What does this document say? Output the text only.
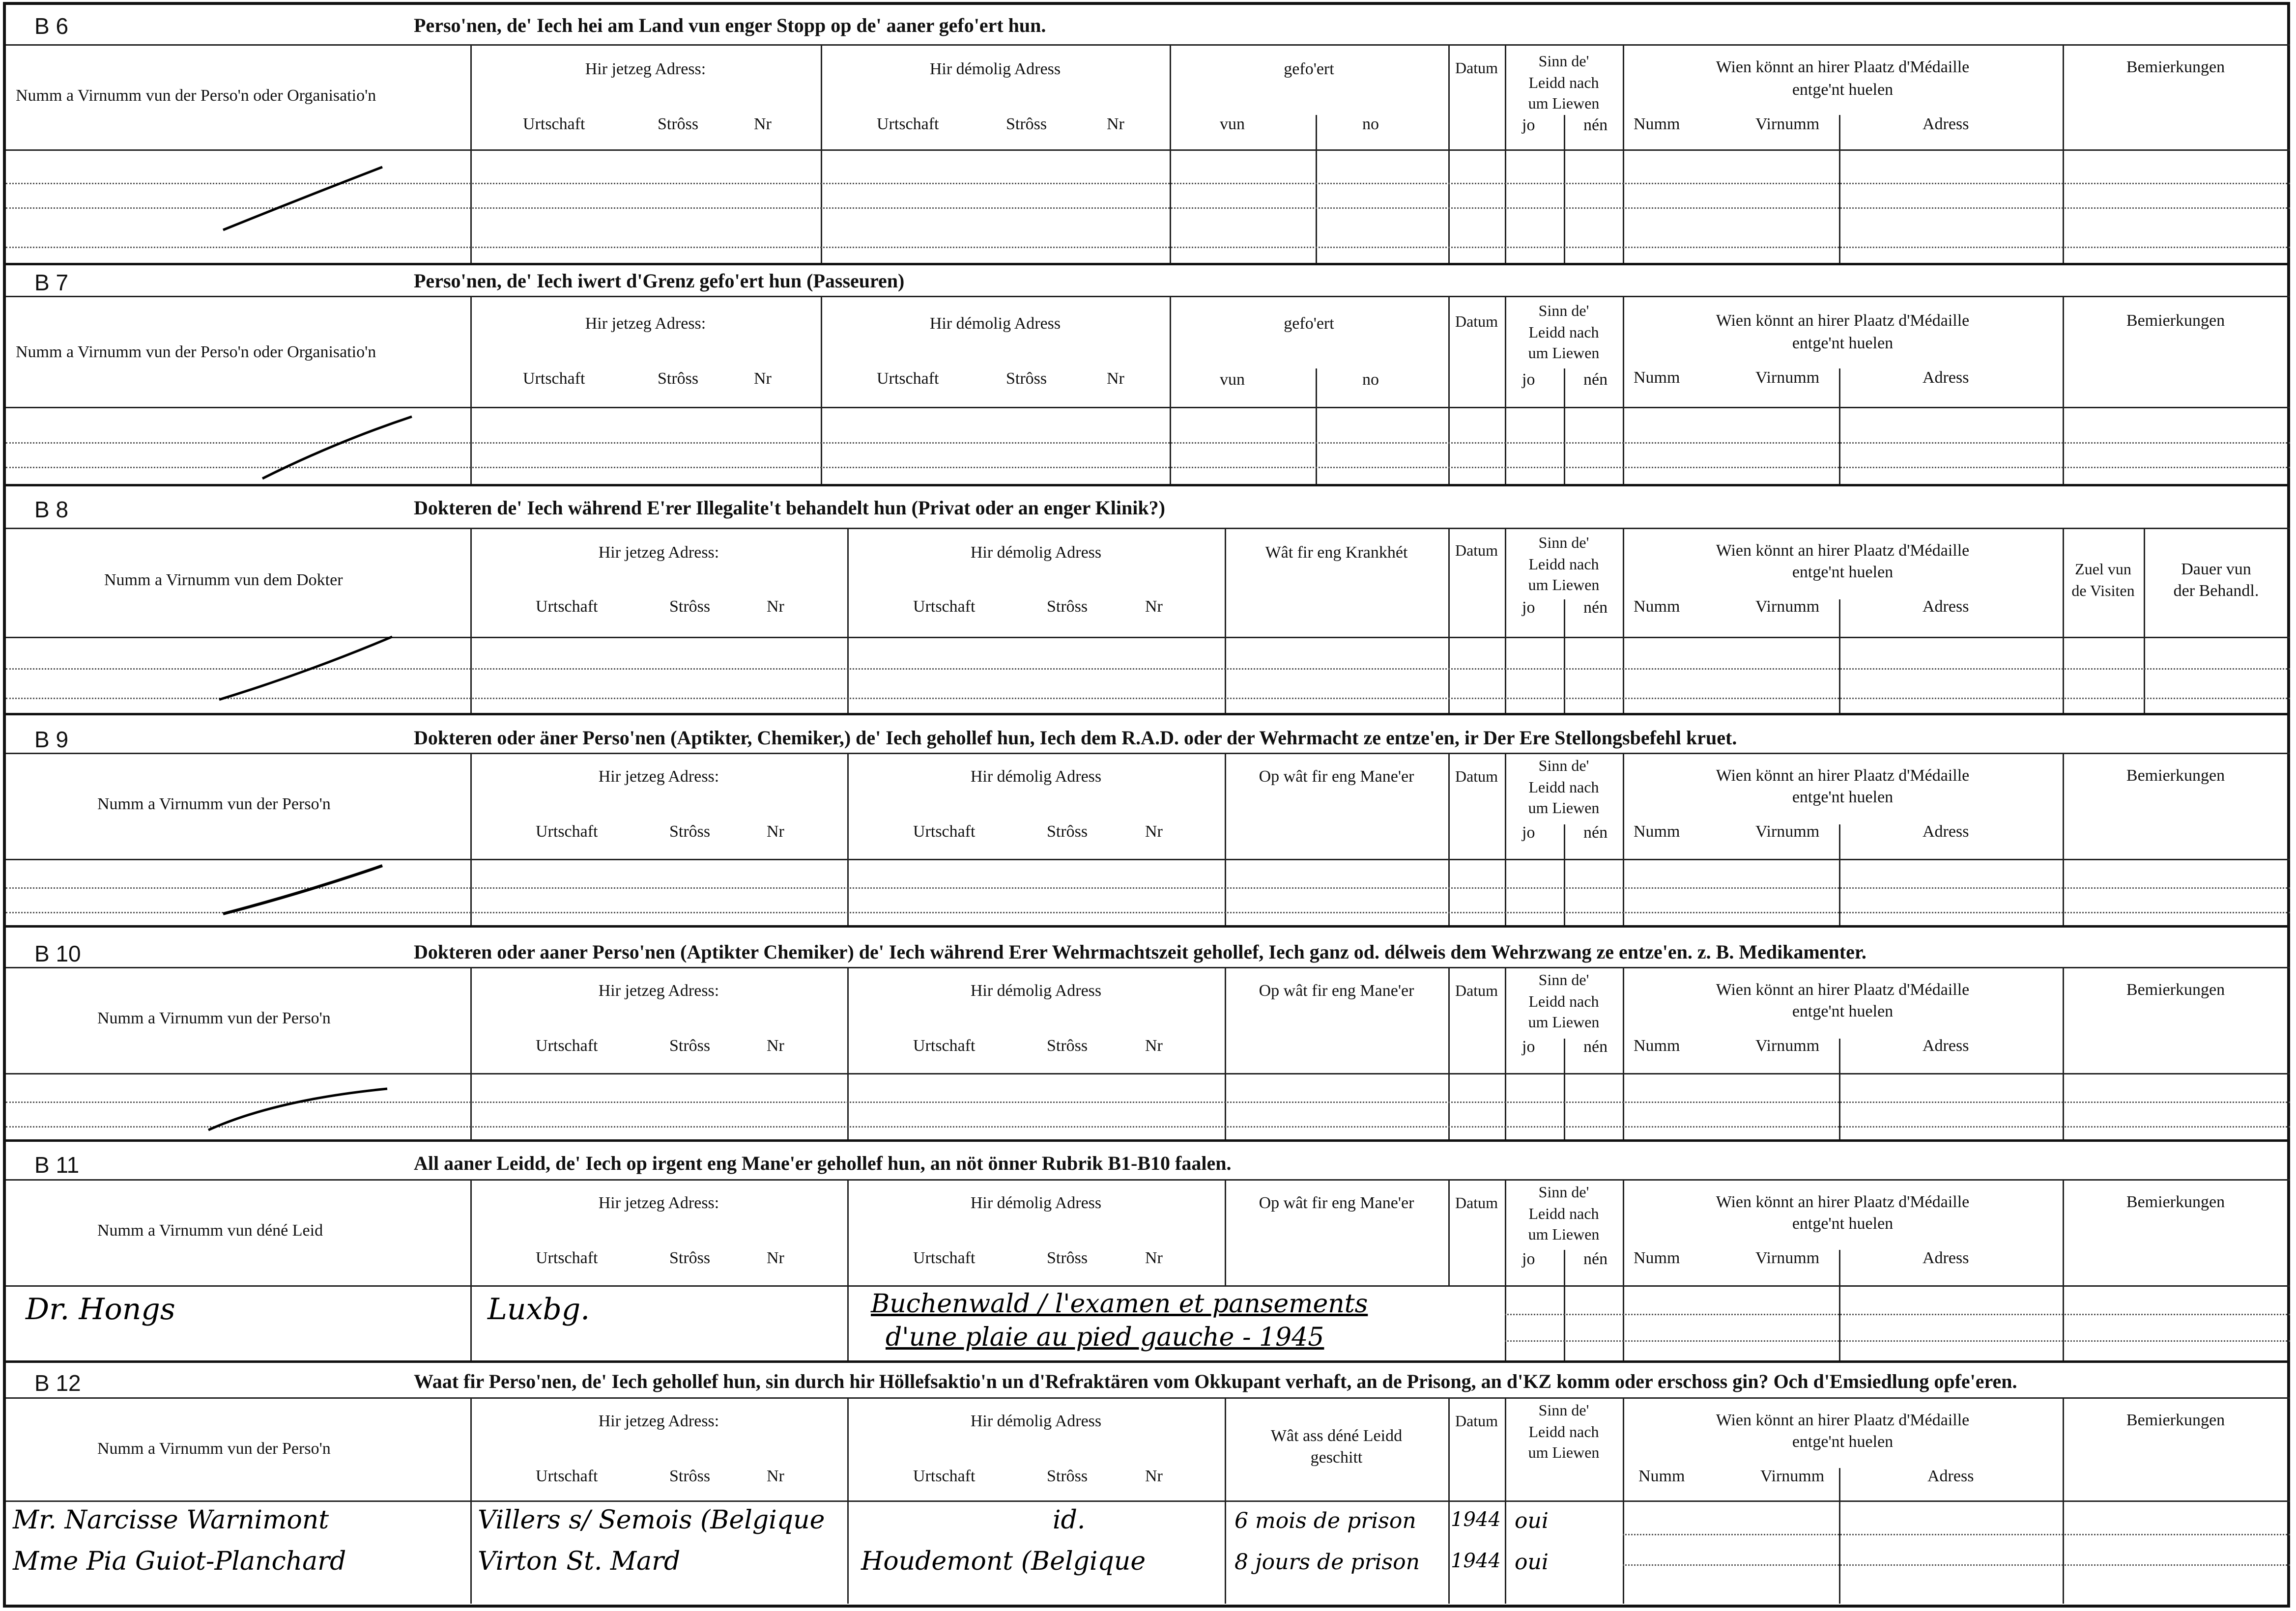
B 6	Perso'nen, de' Iech hei am Land vun enger Stopp op de' aaner gefo'ert hun.
Numm a Virnumm vun der Perso'n oder Organisatio'n
Hir jetzeg Adress:
Urtschaft	Strôss	Nr
Hir démolig Adress
Urtschaft	Strôss	Nr
gefo'ert
vun	no
Datum	Sinn de'
Leidd nach
um Liewen
jo	nén
Wien könnt an hirer Plaatz d'Médaille
entge'nt huelen
Numm	Virnumm	Adress
Bemierkungen
B 7	Perso'nen, de' Iech iwert d'Grenz gefo'ert hun (Passeuren)
Numm a Virnumm vun der Perso'n oder Organisatio'n
Hir jetzeg Adress:
Urtschaft	Strôss	Nr
Hir démolig Adress
Urtschaft	Strôss	Nr
gefo'ert
vun	no
Datum
Sinn de'
Leidd nach
um Liewen
jo	nén
Wien könnt an hirer Plaatz d'Médaille
entge'nt huelen
Numm	Virnumm	Adress
Bemierkungen
B 8	Dokteren de' Iech während E'rer Illegalite't behandelt hun (Privat oder an enger Klinik?)
Numm a Virnumm vun dem Dokter
Hir jetzeg Adress:
Urtschaft	Strôss	Nr
Hir démolig Adress
Urtschaft	Strôss	Nr
Wât fir eng Krankhét	Datum	Sinn de'
Leidd nach
um Liewen
jo	nén
Wien könnt an hirer Plaatz d'Médaille
entge'nt huelen
Numm	Virnumm	Adress
Zuel vun
de Visiten
Dauer vun
der Behandl.
B 9	Dokteren oder äner Perso'nen (Aptikter, Chemiker,) de' Iech gehollef hun, Iech dem R.A.D. oder der Wehrmacht ze entze'en, ir Der Ere Stellongsbefehl kruet.
Numm a Virnumm vun der Perso'n
Hir jetzeg Adress:
Urtschaft	Strôss	Nr
Hir démolig Adress
Urtschaft	Strôss	Nr
Op wât fir eng Mane'er	Datum
Sinn de'
Leidd nach
um Liewen
jo	nén
Wien könnt an hirer Plaatz d'Médaille
entge'nt huelen
Numm	Virnumm	Adress
Bemierkungen
B 10	Dokteren oder aaner Perso'nen (Aptikter Chemiker) de' Iech während Erer Wehrmachtszeit gehollef, Iech ganz od. délweis dem Wehrzwang ze entze'en. z. B. Medikamenter.
Numm a Virnumm vun der Perso'n
Hir jetzeg Adress:
Urtschaft	Strôss	Nr
Hir démolig Adress
Urtschaft	Strôss	Nr
Op wât fir eng Mane'er	Datum
Sinn de'
Leidd nach
um Liewen
jo	nén
Wien könnt an hirer Plaatz d'Médaille
entge'nt huelen
Numm	Virnumm	Adress
Bemierkungen
B 11	All aaner Leidd, de' Iech op irgent eng Mane'er gehollef hun, an nöt önner Rubrik B1-B10 faalen.
Numm a Virnumm vun déné Leid
Hir jetzeg Adress:
Urtschaft	Strôss	Nr
Hir démolig Adress
Urtschaft	Strôss	Nr
Op wât fir eng Mane'er	Datum
Sinn de'
Leidd nach
um Liewen
jo	nén
Wien könnt an hirer Plaatz d'Médaille
entge'nt huelen
Numm	Virnumm	Adress
Bemierkungen
Dr. Hongs	Luxbg.	Buchenwald / l'examen et pansements
d'une plaie au pied gauche - 1945
B 12	Waat fir Perso'nen, de' Iech gehollef hun, sin durch hir Höllefsaktio'n un d'Refraktären vom Okkupant verhaft, an de Prisong, an d'KZ komm oder erschoss gin? Och d'Emsiedlung opfe'eren.
Numm a Virnumm vun der Perso'n
Hir jetzeg Adress:
Urtschaft	Strôss	Nr
Hir démolig Adress
Urtschaft	Strôss	Nr
Wât ass déné Leidd
geschitt
Datum
Sinn de'
Leidd nach
um Liewen
Wien könnt an hirer Plaatz d'Médaille
entge'nt huelen
Numm	Virnumm	Adress
Bemierkungen
Mr. Narcisse Warnimont	Villers s/ Semois (Belgique	id.	6 mois de prison 1944 oui
Mme Pia Guiot-Planchard	Virton St. Mard	Houdemont (Belgique	8 jours de prison 1944 oui
